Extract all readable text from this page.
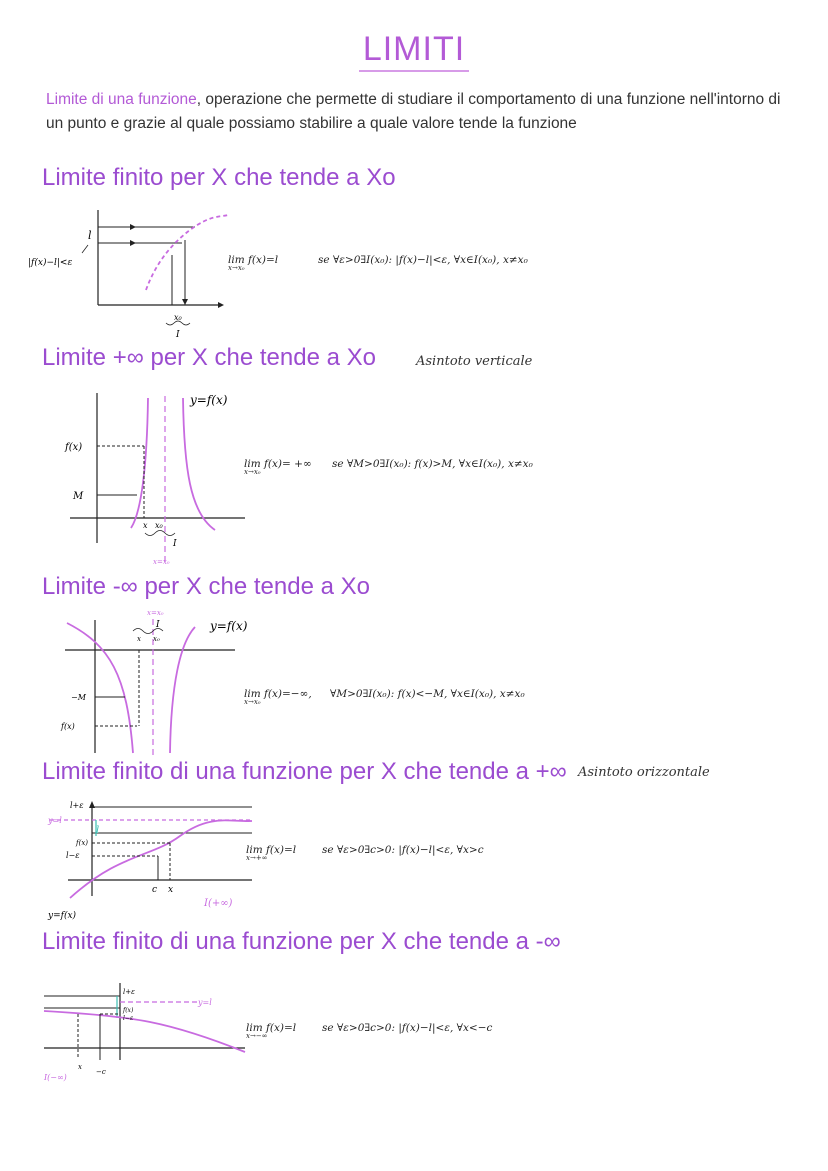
LIMITI
Limite di una funzione, operazione che permette di studiare il comportamento di una funzione nell'intorno di un punto e grazie al quale possiamo stabilire a quale valore tende la funzione
Limite finito per X che tende a Xo
|f(x)−l|<ε
l
x₀
I
lim f(x)=l
x→x₀
se ∀ε>0∃I(x₀): |f(x)−l|<ε, ∀x∈I(x₀), x≠x₀
Limite +∞ per X che tende a Xo	Asintoto verticale
y=f(x)
f(x)
M
x x₀
I
x=x₀
lim f(x)= +∞
x→x₀
se ∀M>0∃I(x₀): f(x)>M, ∀x∈I(x₀), x≠x₀
Limite -∞ per X che tende a Xo
x=x₀
I
x x₀
y=f(x)
−M
f(x)
lim f(x)=−∞,
x→x₀
∀M>0∃I(x₀): f(x)<−M, ∀x∈I(x₀), x≠x₀
Limite finito di una funzione per X che tende a +∞ Asintoto orizzontale
l+ε
y=l
l
f(x)
l−ε
c x
I(+∞)
y=f(x)
lim f(x)=l
x→+∞
se ∀ε>0∃c>0: |f(x)−l|<ε, ∀x>c
Limite finito di una funzione per X che tende a -∞
l+ε
y=l
f(x)
l−ε
x
−c
I(−∞)
lim f(x)=l
x→−∞
se ∀ε>0∃c>0: |f(x)−l|<ε, ∀x<−c
